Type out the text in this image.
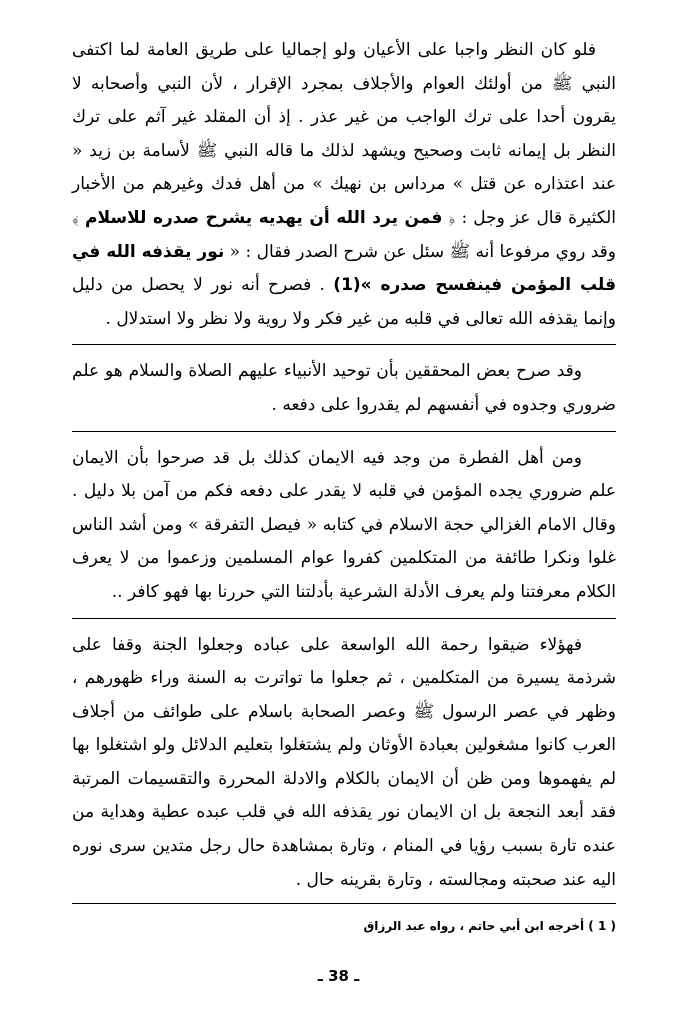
فلو كان النظر واجبا على الأعيان ولو إجماليا على طريق العامة لما اكتفى النبي ﷺ من أولئك العوام والأجلاف بمجرد الإقرار ، لأن النبي وأصحابه لا يقرون أحدا على ترك الواجب من غير عذر . إذ أن المقلد غير آثم على ترك النظر بل إيمانه ثابت وصحيح ويشهد لذلك ما قاله النبي ﷺ لأسامة بن زيد « عند اعتذاره عن قتل » مرداس بن نهيك » من أهل فدك وغيرهم من الأخبار الكثيرة قال عز وجل : ﴿ فمن يرد الله أن يهديه يشرح صدره للاسلام ﴾ وقد روي مرفوعا أنه ﷺ سئل عن شرح الصدر فقال : « نور يقذفه الله في قلب المؤمن فينفسح صدره »(1) . فصرح أنه نور لا يحصل من دليل وإنما يقذفه الله تعالى في قلبه من غير فكر ولا روية ولا نظر ولا استدلال .

وقد صرح بعض المحققين بأن توحيد الأنبياء عليهم الصلاة والسلام هو علم ضروري وجدوه في أنفسهم لم يقدروا على دفعه .

ومن أهل الفطرة من وجد فيه الايمان كذلك بل قد صرحوا بأن الايمان علم ضروري يجده المؤمن في قلبه لا يقدر على دفعه فكم من آمن بلا دليل . وقال الامام الغزالي حجة الاسلام في كتابه « فيصل التفرقة » ومن أشد الناس غلوا ونكرا طائفة من المتكلمين كفروا عوام المسلمين وزعموا من لا يعرف الكلام معرفتنا ولم يعرف الأدلة الشرعية بأدلتنا التي حررنا بها فهو كافر ..

فهؤلاء ضيقوا رحمة الله الواسعة على عباده وجعلوا الجنة وقفا على شرذمة يسيرة من المتكلمين ، ثم جعلوا ما تواترت به السنة وراء ظهورهم ، وظهر في عصر الرسول ﷺ وعصر الصحابة باسلام على طوائف من أجلاف العرب كانوا مشغولين بعبادة الأوثان ولم يشتغلوا بتعليم الدلائل ولو اشتغلوا بها لم يفهموها ومن ظن أن الايمان بالكلام والادلة المحررة والتقسيمات المرتبة فقد أبعد النجعة بل ان الايمان نور يقذفه الله في قلب عبده عطية وهداية من عنده تارة بسبب رؤيا في المنام ، وتارة بمشاهدة حال رجل متدين سرى نوره اليه عند صحبته ومجالسته ، وتارة بقرينه حال .

( 1 ) أخرجه ابن أبي حاتم ، رواه عبد الرزاق
ـ 38 ـ
